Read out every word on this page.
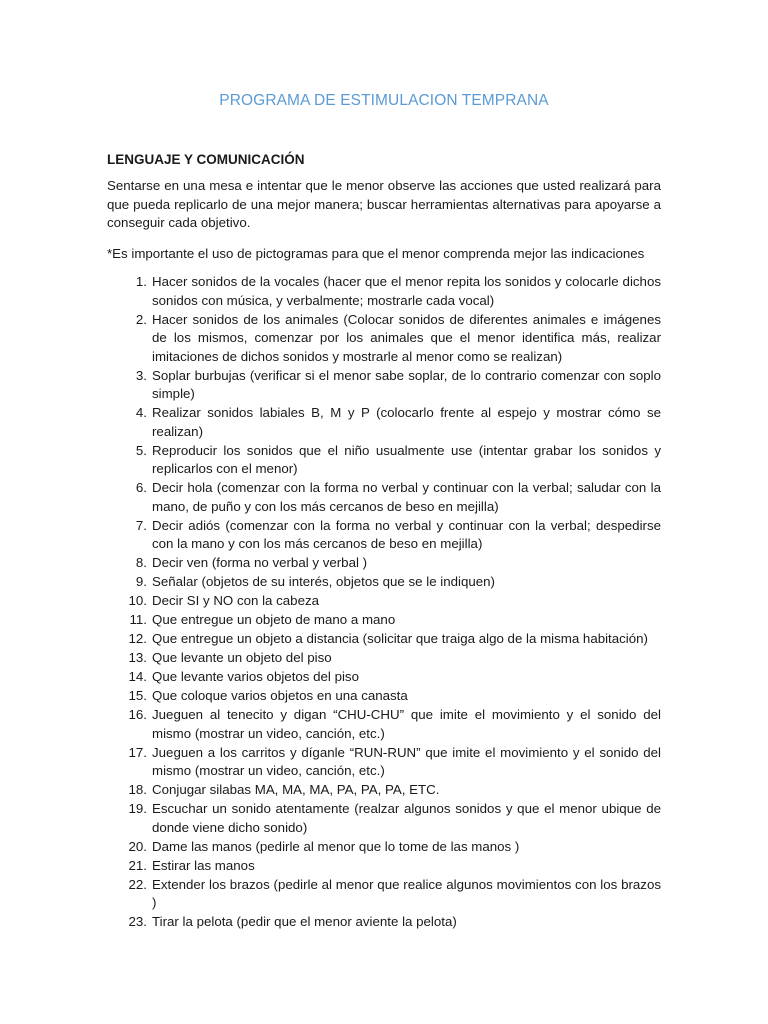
PROGRAMA DE ESTIMULACION TEMPRANA
LENGUAJE Y COMUNICACIÓN

Sentarse en una mesa e intentar que le menor observe las acciones que usted realizará para que pueda replicarlo de una mejor manera; buscar herramientas alternativas para apoyarse a conseguir cada objetivo.

*Es importante el uso de pictogramas para que el menor comprenda mejor las indicaciones

1. Hacer sonidos de la vocales (hacer que el menor repita los sonidos y colocarle dichos sonidos con música, y verbalmente; mostrarle cada vocal)
2. Hacer sonidos de los animales (Colocar sonidos de diferentes animales e imágenes de los mismos, comenzar por los animales que el menor identifica más, realizar imitaciones de dichos sonidos y mostrarle al menor como se realizan)
3. Soplar burbujas (verificar si el menor sabe soplar, de lo contrario comenzar con soplo simple)
4. Realizar sonidos labiales B, M y P (colocarlo frente al espejo y mostrar cómo se realizan)
5. Reproducir los sonidos que el niño usualmente use (intentar grabar los sonidos y replicarlos con el menor)
6. Decir hola (comenzar con la forma no verbal y continuar con la verbal; saludar con la mano, de puño y con los más cercanos de beso en mejilla)
7. Decir adiós (comenzar con la forma no verbal y continuar con la verbal; despedirse con la mano y con los más cercanos de beso en mejilla)
8. Decir ven (forma no verbal y verbal )
9. Señalar (objetos de su interés, objetos que se le indiquen)
10. Decir SI y NO con la cabeza
11. Que entregue un objeto de mano a mano
12. Que entregue un objeto a distancia (solicitar que traiga algo de la misma habitación)
13. Que levante un objeto del piso
14. Que levante varios objetos del piso
15. Que coloque varios objetos en una canasta
16. Jueguen al tenecito y digan “CHU-CHU” que imite el movimiento y el sonido del mismo (mostrar un video, canción, etc.)
17. Jueguen a los carritos y díganle “RUN-RUN” que imite el movimiento y el sonido del mismo (mostrar un video, canción, etc.)
18. Conjugar silabas MA, MA, MA, PA, PA, PA, ETC.
19. Escuchar un sonido atentamente (realzar algunos sonidos y que el menor ubique de donde viene dicho sonido)
20. Dame las manos (pedirle al menor que lo tome de las manos )
21. Estirar las manos
22. Extender los brazos (pedirle al menor que realice algunos movimientos con los brazos )
23. Tirar la pelota (pedir que el menor avient​e la pelota)
